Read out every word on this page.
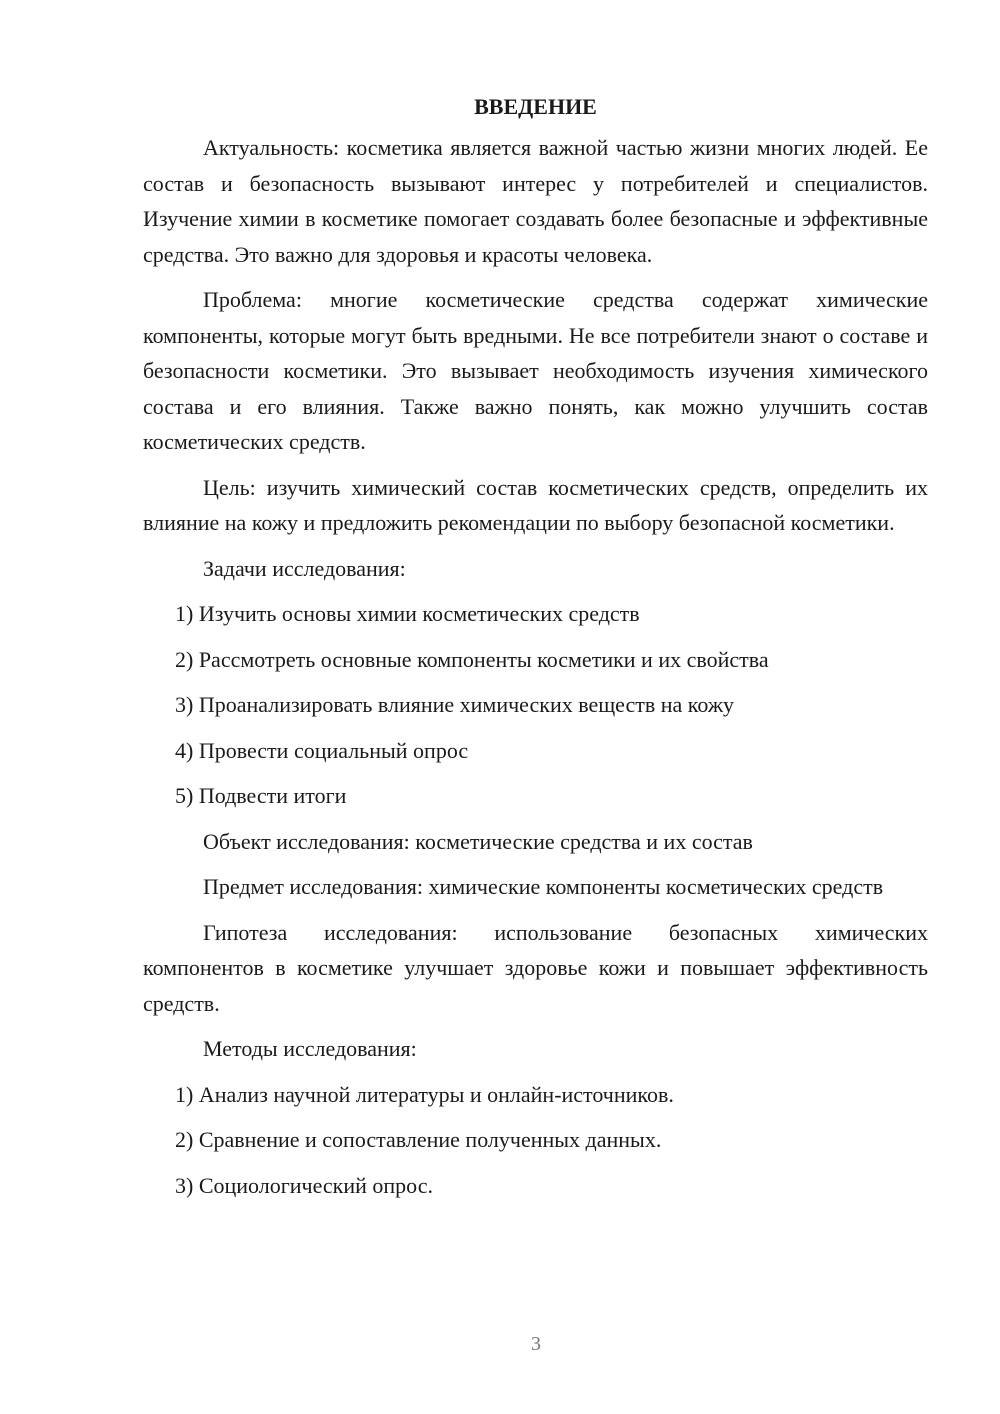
ВВЕДЕНИЕ

Актуальность: косметика является важной частью жизни многих людей. Ее состав и безопасность вызывают интерес у потребителей и специалистов. Изучение химии в косметике помогает создавать более безопасные и эффективные средства. Это важно для здоровья и красоты человека.

Проблема: многие косметические средства содержат химические компоненты, которые могут быть вредными. Не все потребители знают о составе и безопасности косметики. Это вызывает необходимость изучения химического состава и его влияния. Также важно понять, как можно улучшить состав косметических средств.

Цель: изучить химический состав косметических средств, определить их влияние на кожу и предложить рекомендации по выбору безопасной косметики.

Задачи исследования:

1) Изучить основы химии косметических средств
2) Рассмотреть основные компоненты косметики и их свойства
3) Проанализировать влияние химических веществ на кожу
4) Провести социальный опрос
5) Подвести итоги

Объект исследования: косметические средства и их состав

Предмет исследования: химические компоненты косметических средств

Гипотеза исследования: использование безопасных химических компонентов в косметике улучшает здоровье кожи и повышает эффективность средств.

Методы исследования:

1) Анализ научной литературы и онлайн-источников.
2) Сравнение и сопоставление полученных данных.
3) Социологический опрос.
3
